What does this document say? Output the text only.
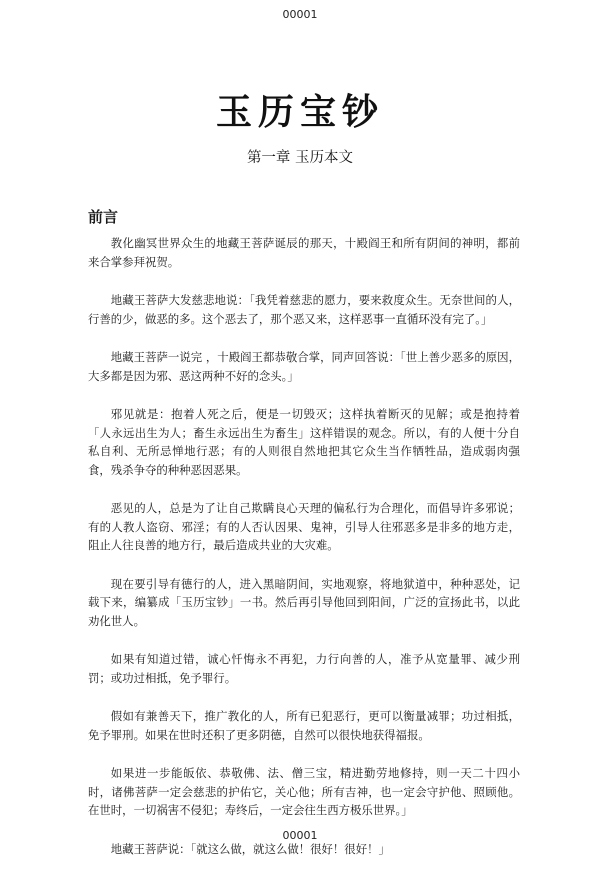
00001
玉历宝钞
第一章 玉历本文
前言

教化幽冥世界众生的地藏王菩萨诞辰的那天，十殿阎王和所有阴间的神明，都前来合掌参拜祝贺。

地藏王菩萨大发慈悲地说：「我凭着慈悲的愿力，要来救度众生。无奈世间的人，行善的少，做恶的多。这个恶去了，那个恶又来，这样恶事一直循环没有完了。」

地藏王菩萨一说完 ，十殿阎王都恭敬合掌，同声回答说：「世上善少恶多的原因，大多都是因为邪、恶这两种不好的念头。」

邪见就是：抱着人死之后，便是一切毁灭；这样执着断灭的见解；或是抱持着「人永远出生为人；畜生永远出生为畜生」这样错误的观念。所以，有的人便十分自私自利、无所忌惮地行恶；有的人则很自然地把其它众生当作牺牲品，造成弱肉强食，残杀争夺的种种恶因恶果。

恶见的人，总是为了让自己欺瞒良心天理的偏私行为合理化，而倡导许多邪说；有的人教人盗窃、邪淫；有的人否认因果、鬼神，引导人往邪恶多是非多的地方走，阻止人往良善的地方行，最后造成共业的大灾难。

现在要引导有德行的人，进入黑暗阴间，实地观察，将地狱道中，种种恶处，记载下来，编纂成「玉历宝钞」一书。然后再引导他回到阳间，广泛的宣扬此书，以此劝化世人。

如果有知道过错，诚心忏悔永不再犯，力行向善的人，准予从宽量罪、减少刑罚；或功过相抵，免予罪行。

假如有兼善天下，推广教化的人，所有已犯恶行，更可以衡量减罪；功过相抵，免予罪刑。如果在世时还积了更多阴德，自然可以很快地获得福报。

如果进一步能皈依、恭敬佛、法、僧三宝，精进勤劳地修持，则一天二十四小时，诸佛菩萨一定会慈悲的护佑它，关心他；所有吉神，也一定会守护他、照顾他。在世时，一切祸害不侵犯；寿终后，一定会往生西方极乐世界。」

地藏王菩萨说：「就这么做，就这么做！很好！很好！」

00001
